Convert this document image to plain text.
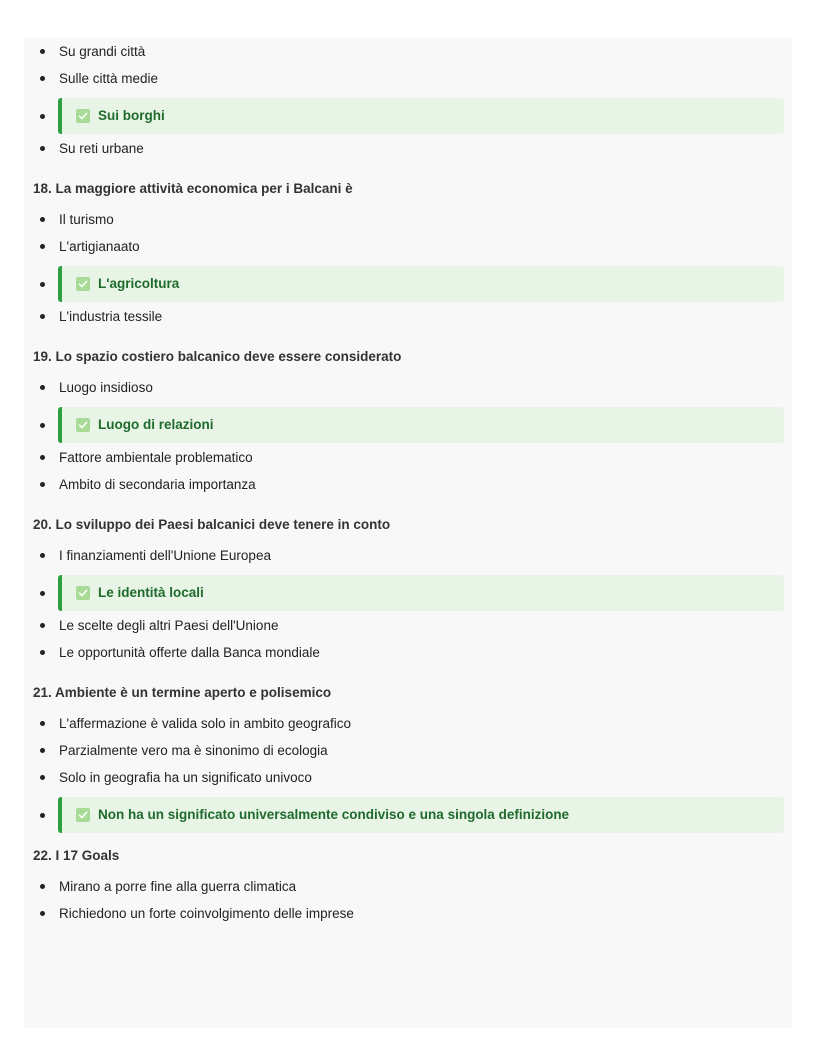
Su grandi città
Sulle città medie
Sui borghi
Su reti urbane
18. La maggiore attività economica per i Balcani è
Il turismo
L'artigianaato
L'agricoltura
L'industria tessile
19. Lo spazio costiero balcanico deve essere considerato
Luogo insidioso
Luogo di relazioni
Fattore ambientale problematico
Ambito di secondaria importanza
20. Lo sviluppo dei Paesi balcanici deve tenere in conto
I finanziamenti dell'Unione Europea
Le identità locali
Le scelte degli altri Paesi dell'Unione
Le opportunità offerte dalla Banca mondiale
21. Ambiente è un termine aperto e polisemico
L'affermazione è valida solo in ambito geografico
Parzialmente vero ma è sinonimo di ecologia
Solo in geografia ha un significato univoco
Non ha un significato universalmente condiviso e una singola definizione
22. I 17 Goals
Mirano a porre fine alla guerra climatica
Richiedono un forte coinvolgimento delle imprese
